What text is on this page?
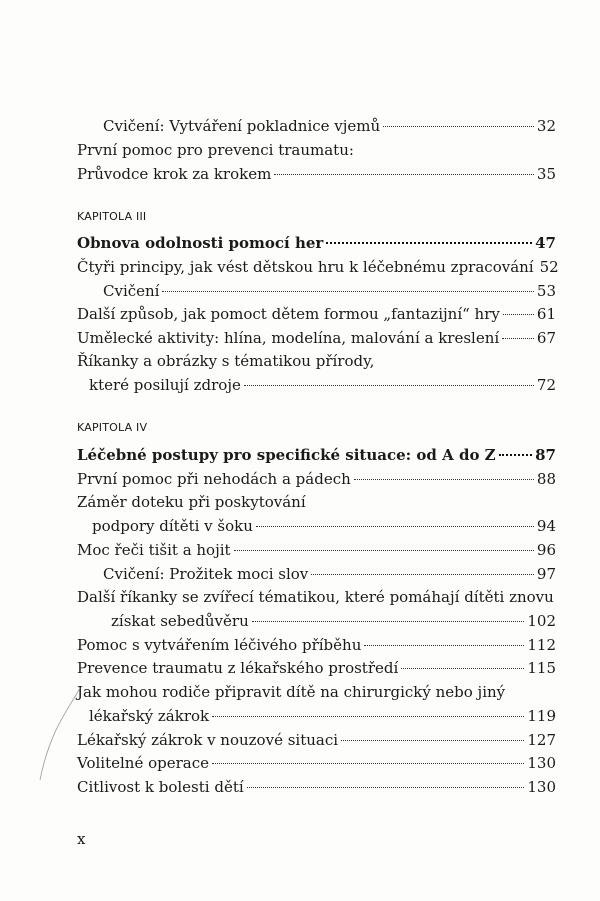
Cvičení: Vytváření pokladnice vjemů	32
První pomoc pro prevenci traumatu:
Průvodce krok za krokem	35
KAPITOLA III
Obnova odolnosti pomocí her	47
Čtyři principy, jak vést dětskou hru k léčebnému zpracování 52
Cvičení	53
Další způsob, jak pomoct dětem formou „fantazijní“ hry 61
Umělecké aktivity: hlína, modelína, malování a kreslení	67
Říkanky a obrázky s tématikou přírody,
které posilují zdroje	72
KAPITOLA IV
Léčebné postupy pro specifické situace: od A do Z	87
První pomoc při nehodách a pádech	88
Záměr doteku při poskytování
podpory dítěti v šoku	94
Moc řeči tišit a hojit	96
Cvičení: Prožitek moci slov	97
Další říkanky se zvířecí tématikou, které pomáhají dítěti znovu
získat sebedůvěru	102
Pomoc s vytvářením léčivého příběhu	112
Prevence traumatu z lékařského prostředí	115
Jak mohou rodiče připravit dítě na chirurgický nebo jiný
lékařský zákrok	119
Lékařský zákrok v nouzové situaci	127
Volitelné operace	130
Citlivost k bolesti dětí	130
x
